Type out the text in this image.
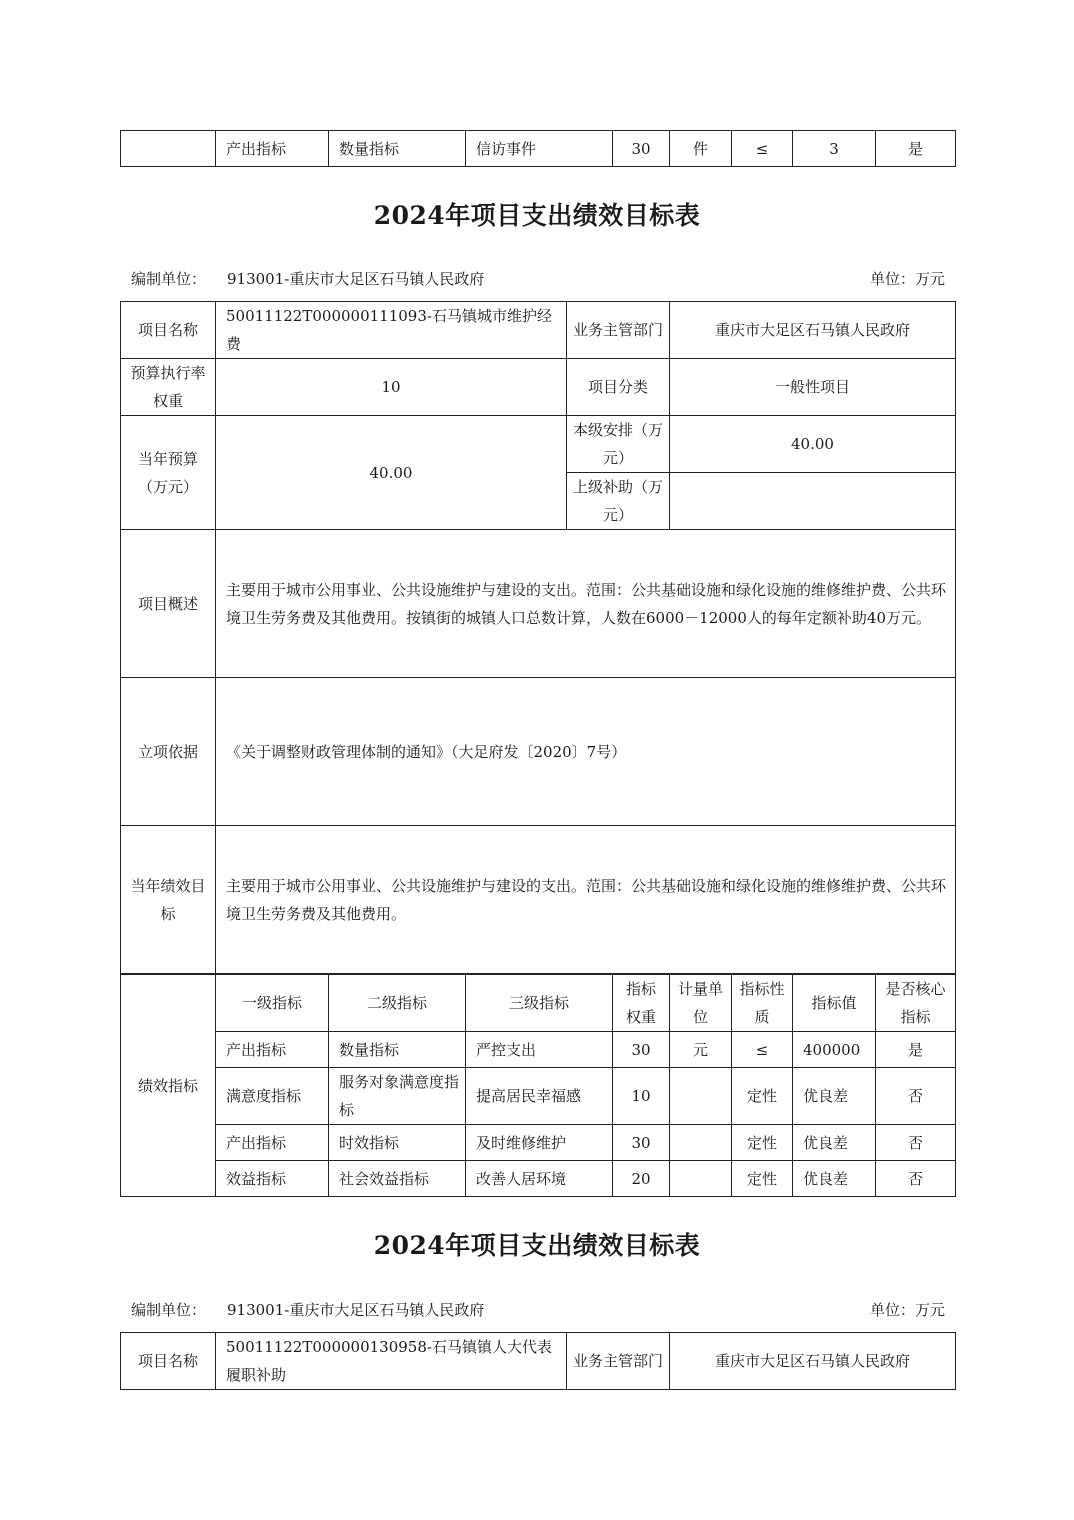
	产出指标	数量指标	信访事件	30	件	≤	3	是
2024年项目支出绩效目标表
编制单位： 913001-重庆市大足区石马镇人民政府	单位：万元
项目名称	50011122T000000111093-石马镇城市维护经费	业务主管部门	重庆市大足区石马镇人民政府
预算执行率权重	10	项目分类	一般性项目
当年预算（万元）	40.00	本级安排（万元）	40.00
		上级补助（万元）	
项目概述	主要用于城市公用事业、公共设施维护与建设的支出。范围：公共基础设施和绿化设施的维修维护费、公共环境卫生劳务费及其他费用。按镇街的城镇人口总数计算，人数在6000－12000人的每年定额补助40万元。		
立项依据	《关于调整财政管理体制的通知》（大足府发〔2020〕7号）		
当年绩效目标	主要用于城市公用事业、公共设施维护与建设的支出。范围：公共基础设施和绿化设施的维修维护费、公共环境卫生劳务费及其他费用。		
绩效指标	一级指标	二级指标	三级指标	指标权重	计量单位	指标性质	指标值	是否核心指标
	产出指标	数量指标	严控支出	30	元	≤	400000	是
	满意度指标	服务对象满意度指标	提高居民幸福感	10		定性	优良差	否
	产出指标	时效指标	及时维修维护	30		定性	优良差	否
	效益指标	社会效益指标	改善人居环境	20		定性	优良差	否
2024年项目支出绩效目标表
编制单位： 913001-重庆市大足区石马镇人民政府	单位：万元
项目名称	50011122T000000130958-石马镇镇人大代表履职补助	业务主管部门	重庆市大足区石马镇人民政府
